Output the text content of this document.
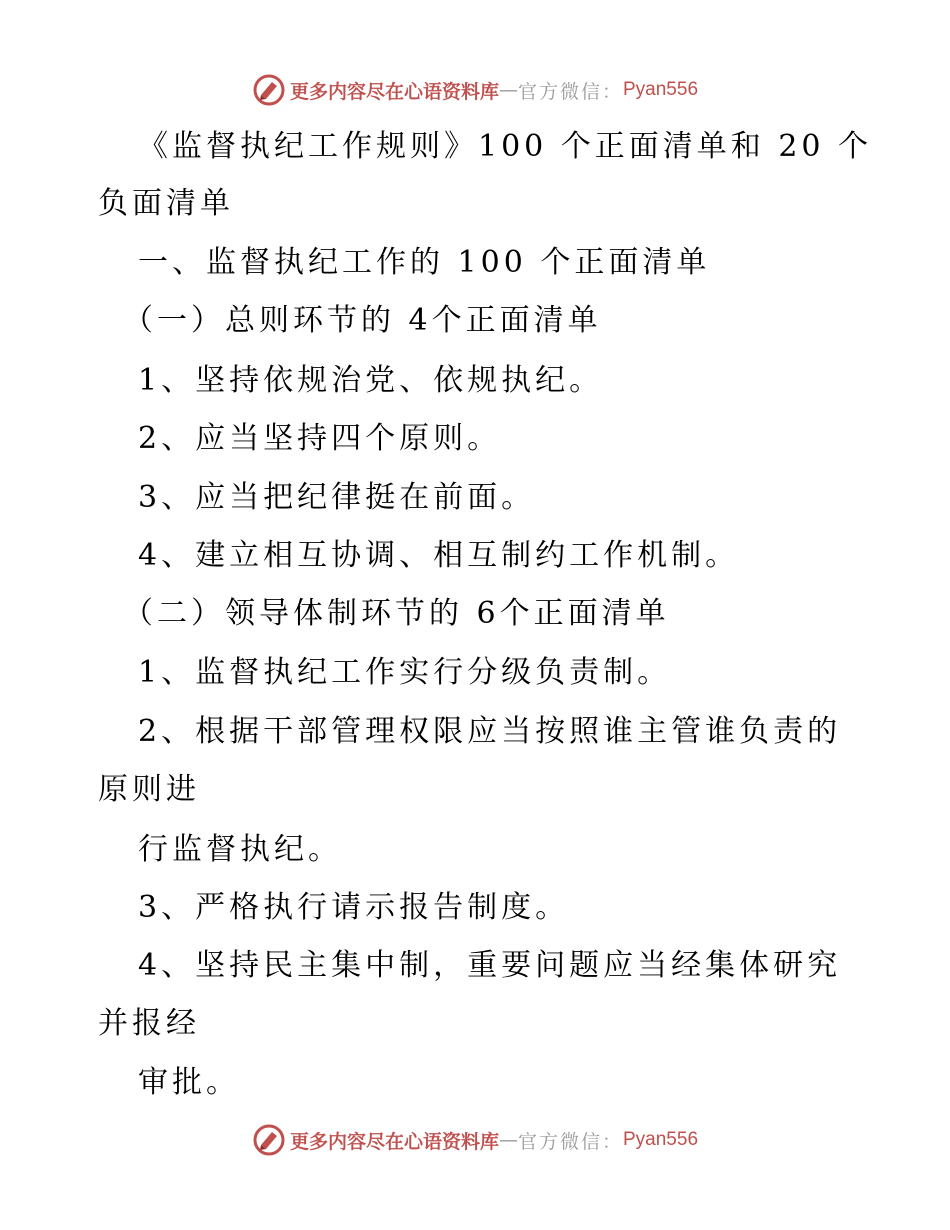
更多内容尽在心语资料库 — 官方微信： Pyan556
《监督执纪工作规则》100 个正面清单和 20 个
负面清单
一、监督执纪工作的 100 个正面清单
（一）总则环节的 4个正面清单
1、坚持依规治党、依规执纪。
2、应当坚持四个原则。
3、应当把纪律挺在前面。
4、建立相互协调、相互制约工作机制。
（二）领导体制环节的 6个正面清单
1、监督执纪工作实行分级负责制。
2、根据干部管理权限应当按照谁主管谁负责的
原则进
行监督执纪。
3、严格执行请示报告制度。
4、坚持民主集中制，重要问题应当经集体研究
并报经
审批。
更多内容尽在心语资料库 — 官方微信： Pyan556
